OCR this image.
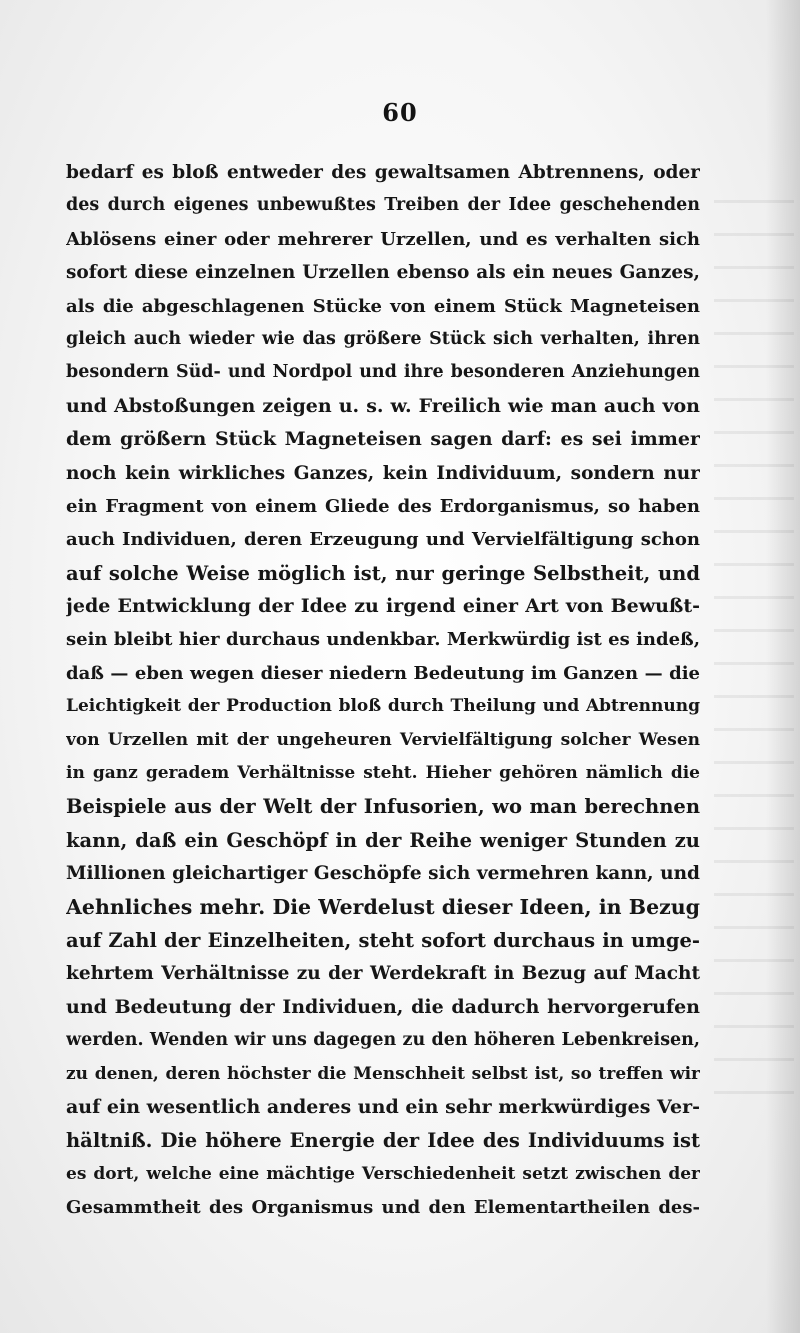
60
bedarf es bloß entweder des gewaltsamen Abtrennens, oder
des durch eigenes unbewußtes Treiben der Idee geschehenden
Ablösens einer oder mehrerer Urzellen, und es verhalten sich
sofort diese einzelnen Urzellen ebenso als ein neues Ganzes,
als die abgeschlagenen Stücke von einem Stück Magneteisen
gleich auch wieder wie das größere Stück sich verhalten, ihren
besondern Süd- und Nordpol und ihre besonderen Anziehungen
und Abstoßungen zeigen u. s. w. Freilich wie man auch von
dem größern Stück Magneteisen sagen darf: es sei immer
noch kein wirkliches Ganzes, kein Individuum, sondern nur
ein Fragment von einem Gliede des Erdorganismus, so haben
auch Individuen, deren Erzeugung und Vervielfältigung schon
auf solche Weise möglich ist, nur geringe Selbstheit, und
jede Entwicklung der Idee zu irgend einer Art von Bewußt-
sein bleibt hier durchaus undenkbar. Merkwürdig ist es indeß,
daß — eben wegen dieser niedern Bedeutung im Ganzen — die
Leichtigkeit der Production bloß durch Theilung und Abtrennung
von Urzellen mit der ungeheuren Vervielfältigung solcher Wesen
in ganz geradem Verhältnisse steht. Hieher gehören nämlich die
Beispiele aus der Welt der Infusorien, wo man berechnen
kann, daß ein Geschöpf in der Reihe weniger Stunden zu
Millionen gleichartiger Geschöpfe sich vermehren kann, und
Aehnliches mehr. Die Werdelust dieser Ideen, in Bezug
auf Zahl der Einzelheiten, steht sofort durchaus in umge-
kehrtem Verhältnisse zu der Werdekraft in Bezug auf Macht
und Bedeutung der Individuen, die dadurch hervorgerufen
werden. Wenden wir uns dagegen zu den höheren Lebenkreisen,
zu denen, deren höchster die Menschheit selbst ist, so treffen wir
auf ein wesentlich anderes und ein sehr merkwürdiges Ver-
hältniß. Die höhere Energie der Idee des Individuums ist
es dort, welche eine mächtige Verschiedenheit setzt zwischen der
Gesammtheit des Organismus und den Elementartheilen des-
